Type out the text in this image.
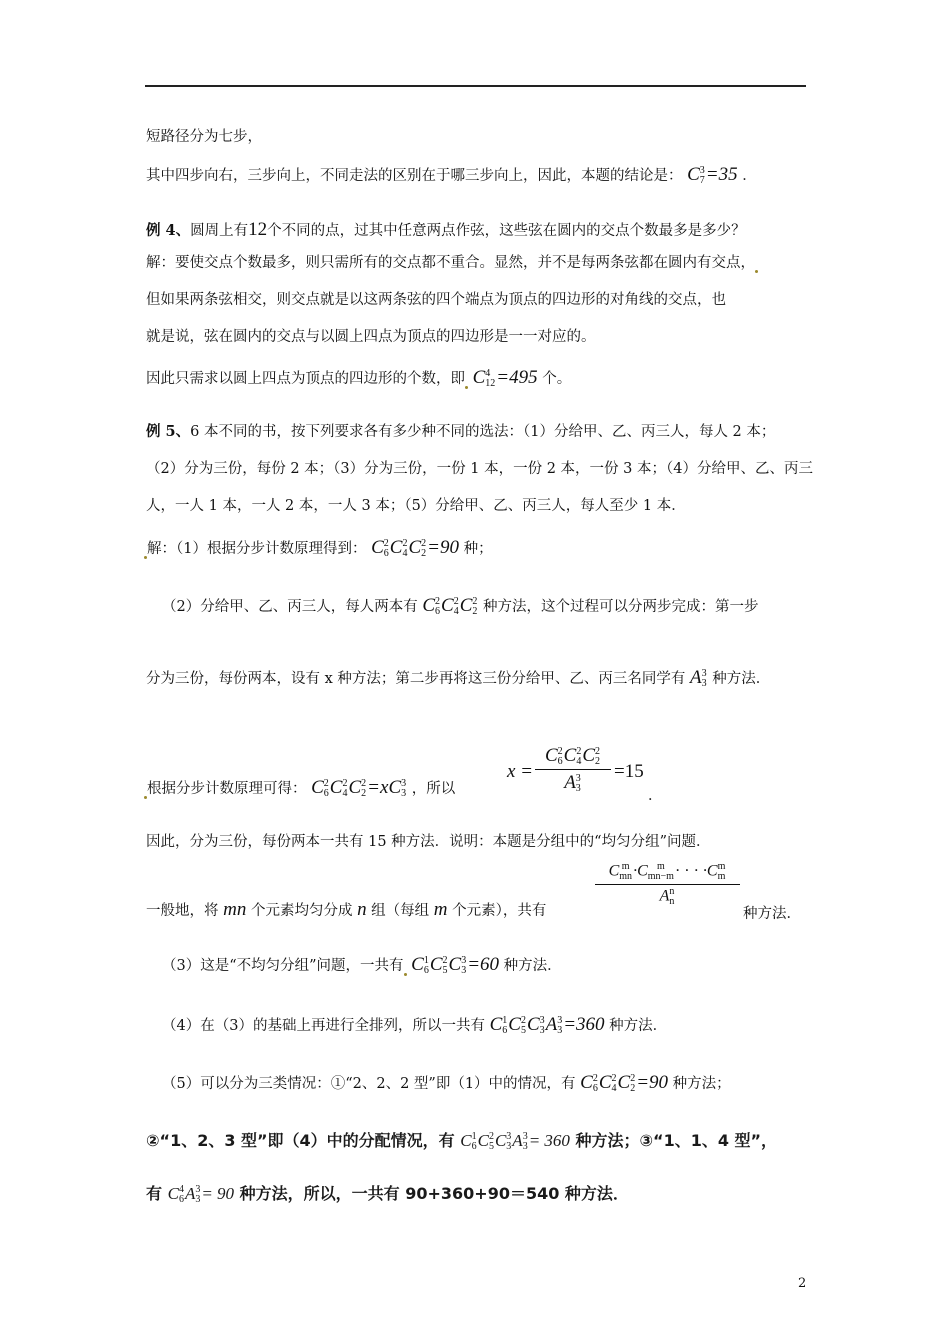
短路径分为七步，
其中四步向右，三步向上，不同走法的区别在于哪三步向上，因此，本题的结论是： C 3
7 =35 ．
例 4、圆周上有12个不同的点，过其中任意两点作弦，这些弦在圆内的交点个数最多是多少？
解：要使交点个数最多，则只需所有的交点都不重合。显然，并不是每两条弦都在圆内有交点，
但如果两条弦相交，则交点就是以这两条弦的四个端点为顶点的四边形的对角线的交点，也
就是说，弦在圆内的交点与以圆上四点为顶点的四边形是一一对应的。
因此只需求以圆上四点为顶点的四边形的个数，即 C 4
12 =495 个。
例 5、6 本不同的书，按下列要求各有多少种不同的选法：（1）分给甲、乙、丙三人，每人 2 本；
（2）分为三份，每份 2 本；（3）分为三份，一份 1 本，一份 2 本，一份 3 本；（4）分给甲、乙、丙三
人，一人 1 本，一人 2 本，一人 3 本；（5）分给甲、乙、丙三人，每人至少 1 本．
解：（1）根据分步计数原理得到： C 2
6 C 2
4 C 2
2 =90 种；
（2）分给甲、乙、丙三人，每人两本有 C 2
6 C 2
4 C 2
2 种方法，这个过程可以分两步完成：第一步
分为三份，每份两本，设有 x 种方法；第二步再将这三份分给甲、乙、丙三名同学有 A 3
3 种方法．
根据分步计数原理可得： C 2
6 C 2
4 C 2
2 =xC 3
3 ，所以
x =
C 2
6 C 2
4 C 2
2
A 3
3
=15
．
因此，分为三份，每份两本一共有 15 种方法．说明：本题是分组中的“均匀分组”问题．
C m
mn ·C m
mn−m · · · ·C m
m
A n
n
一般地，将 mn 个元素均匀分成 n 组（每组 m 个元素），共有	种方法．
（3）这是“不均匀分组”问题，一共有 C 1
6 C 2
5 C 3
3 =60 种方法．
（4）在（3）的基础上再进行全排列，所以一共有 C 1
6 C 2
5 C 3
3 A 3
3 =360 种方法．
（5）可以分为三类情况：①“2、2、2 型”即（1）中的情况，有 C 2
6 C 2
4 C 2
2 =90 种方法；
②“1、2、3 型”即（4）中的分配情况，有 C 1
6 C 2
5 C 3
3 A 3
3 = 360 种方法；③“1、1、4 型”，
有 C 4
6 A 3
3 = 90 种方法，所以，一共有 90+360+90＝540 种方法．
2
